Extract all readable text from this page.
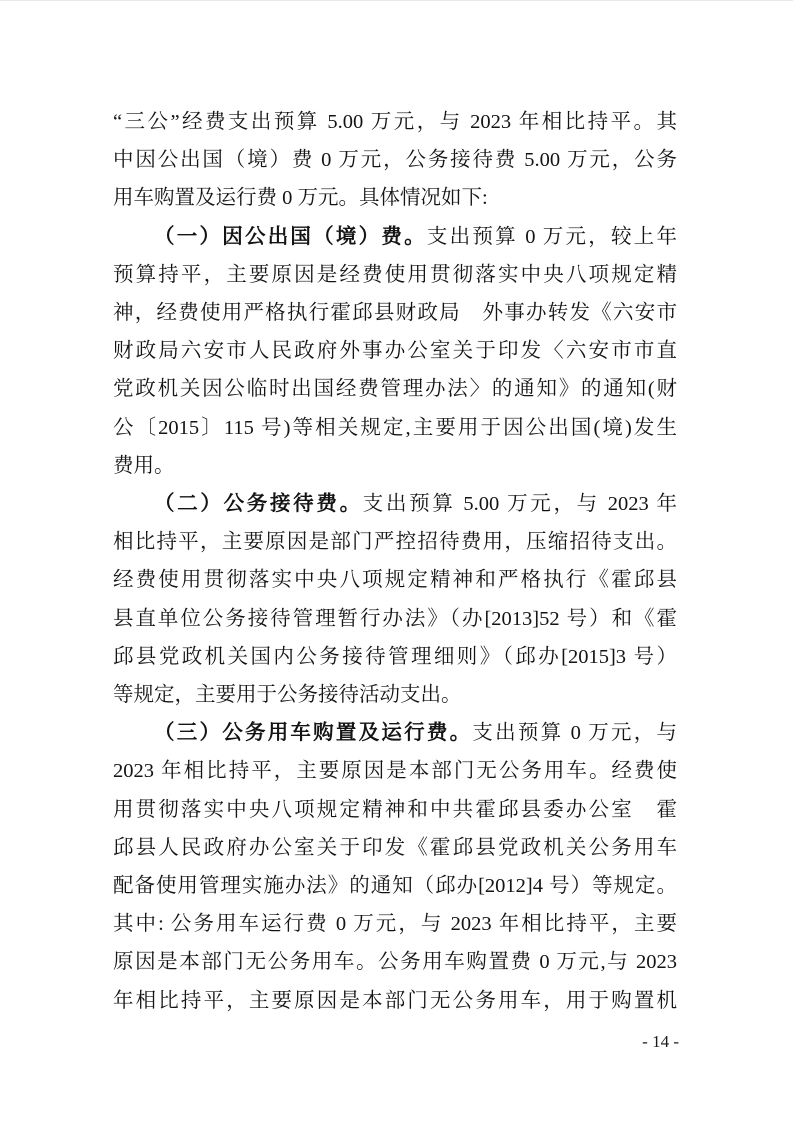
“三公”经费支出预算 5.00 万元，与 2023 年相比持平。其
中因公出国（境）费 0 万元，公务接待费 5.00 万元，公务
用车购置及运行费 0 万元。具体情况如下:
（一）因公出国（境）费。支出预算 0 万元，较上年
预算持平，主要原因是经费使用贯彻落实中央八项规定精
神，经费使用严格执行霍邱县财政局　外事办转发《六安市
财政局六安市人民政府外事办公室关于印发〈六安市市直
党政机关因公临时出国经费管理办法〉的通知》的通知(财
公〔2015〕115 号)等相关规定,主要用于因公出国(境)发生
费用。
（二）公务接待费。支出预算 5.00 万元，与 2023 年
相比持平，主要原因是部门严控招待费用，压缩招待支出。
经费使用贯彻落实中央八项规定精神和严格执行《霍邱县
县直单位公务接待管理暂行办法》（办[2013]52 号）和《霍
邱县党政机关国内公务接待管理细则》（邱办[2015]3 号）
等规定，主要用于公务接待活动支出。
（三）公务用车购置及运行费。支出预算 0 万元，与
2023 年相比持平，主要原因是本部门无公务用车。经费使
用贯彻落实中央八项规定精神和中共霍邱县委办公室　霍
邱县人民政府办公室关于印发《霍邱县党政机关公务用车
配备使用管理实施办法》的通知（邱办[2012]4 号）等规定。
其中: 公务用车运行费 0 万元，与 2023 年相比持平，主要
原因是本部门无公务用车。公务用车购置费 0 万元,与 2023
年相比持平，主要原因是本部门无公务用车，用于购置机
- 14 -
